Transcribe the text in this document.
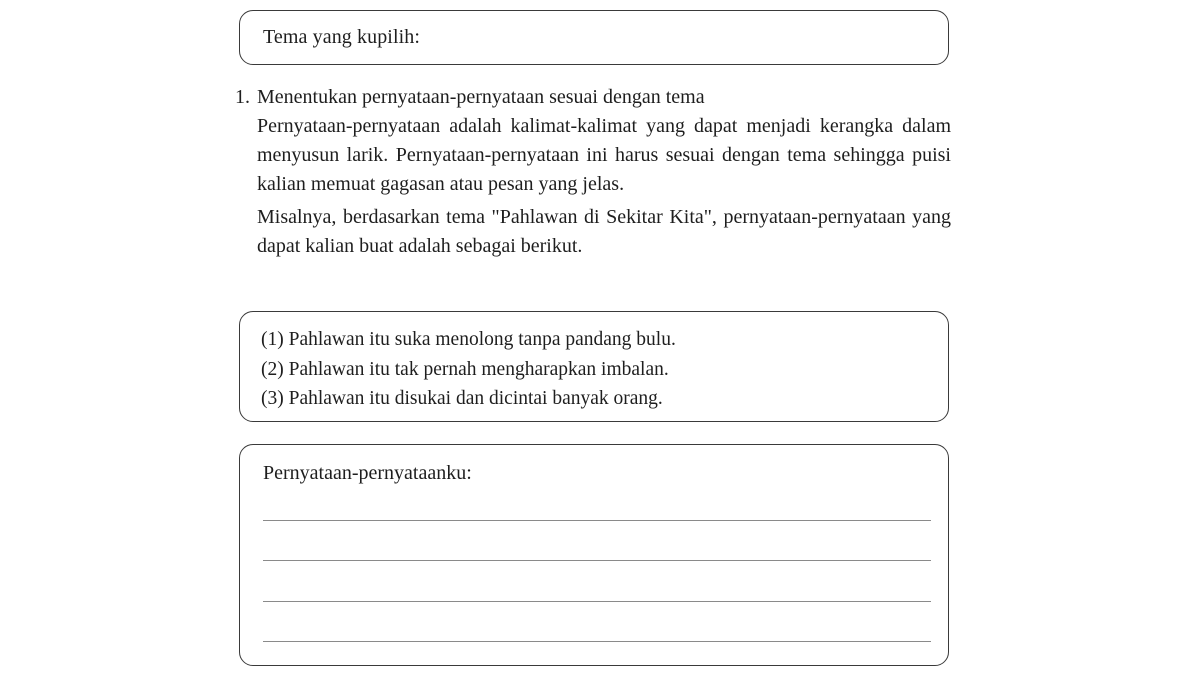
Tema yang kupilih:
1. Menentukan pernyataan-pernyataan sesuai dengan tema

Pernyataan-pernyataan adalah kalimat-kalimat yang dapat menjadi kerangka dalam menyusun larik. Pernyataan-pernyataan ini harus sesuai dengan tema sehingga puisi kalian memuat gagasan atau pesan yang jelas.

Misalnya, berdasarkan tema "Pahlawan di Sekitar Kita", pernyataan-pernyataan yang dapat kalian buat adalah sebagai berikut.

(1) Pahlawan itu suka menolong tanpa pandang bulu.
(2) Pahlawan itu tak pernah mengharapkan imbalan.
(3) Pahlawan itu disukai dan dicintai banyak orang.
Pernyataan-pernyataanku:
